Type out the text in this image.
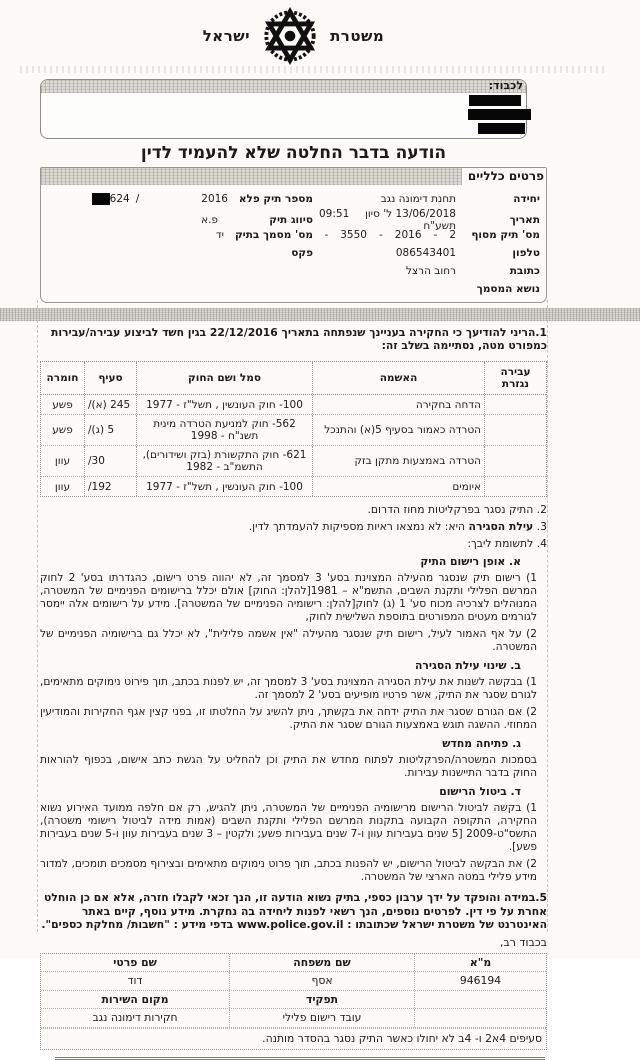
משטרת
ישראל
לכבוד:
הודעה בדבר החלטה שלא להעמיד לדין
פרטים כלליים
יחידה
תחנת דימונה נגב
מספר תיק פלא
2016
/
624
תאריך
13/06/2018 ל' סיון תשע"ח
09:51
סיווג תיק
פ.א
מס' תיק מסוף
2
-
2016
-
3550
-
מס' מסמך בתיק
יד
טלפון
086543401
פקס
כתובת
רחוב הרצל
נושא המסמך
1.הריני להודיעך כי החקירה בעניינך שנפתחה בתאריך 22/12/2016 בגין חשד לביצוע עבירה/עבירות כמפורט מטה, נסתיימה בשלב זה:
עבירה נגזרת
האשמה
סמל ושם החוק
סעיף
חומרה
הדחה בחקירה
100- חוק העונשין , תשל"ז - 1977
245 (א)/
פשע
הטרדה כאמור בסעיף 5(א) והתנכל
562- חוק למניעת הטרדה מינית תשנ"ח - 1998
5 (ג)/
פשע
הטרדה באמצעות מתקן בזק
621- חוק התקשורת (בזק ושידורים), התשמ"ב - 1982
30/
עוון
איומים
100- חוק העונשין , תשל"ז - 1977
192/
עוון
2. התיק נסגר בפרקליטות מחוז הדרום.
3. עילת הסגירה היא: לא נמצאו ראיות מספיקות להעמדתך לדין.
4. לתשומת ליבך:
א. אופן רישום התיק
1) רישום תיק שנסגר מהעילה המצוינת בסע' 3 למסמך זה, לא יהווה פרט רישום, כהגדרתו בסע' 2 לחוק המרשם הפלילי ותקנת השבים, התשמ"א – 1981[להלן: החוק] אולם יכלל ברישומים הפנימיים של המשטרה, המנוהלים לצרכיה מכוח סע' 1 (ג) לחוק[להלן: רישומיה הפנימיים של המשטרה]. מידע על רישומים אלה יימסר לגורמים מעטים המפורטים בתוספת השלישית לחוק,
2) על אף האמור לעיל, רישום תיק שנסגר מהעילה "אין אשמה פלילית", לא יכלל גם ברישומיה הפנימיים של המשטרה.
ב. שינוי עילת הסגירה
1) בבקשה לשנות את עילת הסגירה המצוינת בסע' 3 למסמך זה, יש לפנות בכתב, תוך פירוט נימוקים מתאימים, לגורם שסגר את התיק, אשר פרטיו מופיעים בסע' 2 למסמך זה.
2) אם הגורם שסגר את התיק ידחה את בקשתך, ניתן להשיג על החלטתו זו, בפני קצין אגף החקירות והמודיעין המחוזי. ההשגה תוגש באמצעות הגורם שסגר את התיק.
ג. פתיחה מחדש
בסמכות המשטרה/הפרקליטות לפתוח מחדש את התיק וכן להחליט על הגשת כתב אישום, בכפוף להוראות החוק בדבר התיישנות עבירות.
ד. ביטול הרישום
1) בקשה לביטול הרישום מרישומיה הפנימיים של המשטרה, ניתן להגיש, רק אם חלפה ממועד האירוע נשוא החקירה, התקופה הקבועה בתקנות המרשם הפלילי ותקנת השבים (אמות מידה לביטול רישומי משטרה), התשס"ט-2009 [5 שנים בעבירות עוון ו-7 שנים בעבירות פשע; ולקטין – 3 שנים בעבירות עוון ו-5 שנים בעבירות פשע].
2) את הבקשה לביטול הרישום, יש להפנות בכתב, תוך פרוט נימוקים מתאימים ובצירוף מסמכים תומכים, למדור מידע פלילי במטה הארצי של המשטרה.
5.במידה והופקד על ידך ערבון כספי, בתיק נשוא הודעה זו, הנך זכאי לקבלו חזרה, אלא אם כן הוחלט אחרת על פי דין. לפרטים נוספים, הנך רשאי לפנות ליחידה בה נחקרת. מידע נוסף, קיים באתר האינטרנט של משטרת ישראל שכתובתו : www.police.gov.il בדפי מידע : "חשבות/ מחלקת כספים".
בכבוד רב,
מ"א
שם משפחה
שם פרטי
946194
אסף
דוד
תפקיד
מקום השירות
עובד רישום פלילי
חקירות דימונה נגב
סעיפים 4א2 ו- 4ב לא יחולו כאשר התיק נסגר בהסדר מותנה.
